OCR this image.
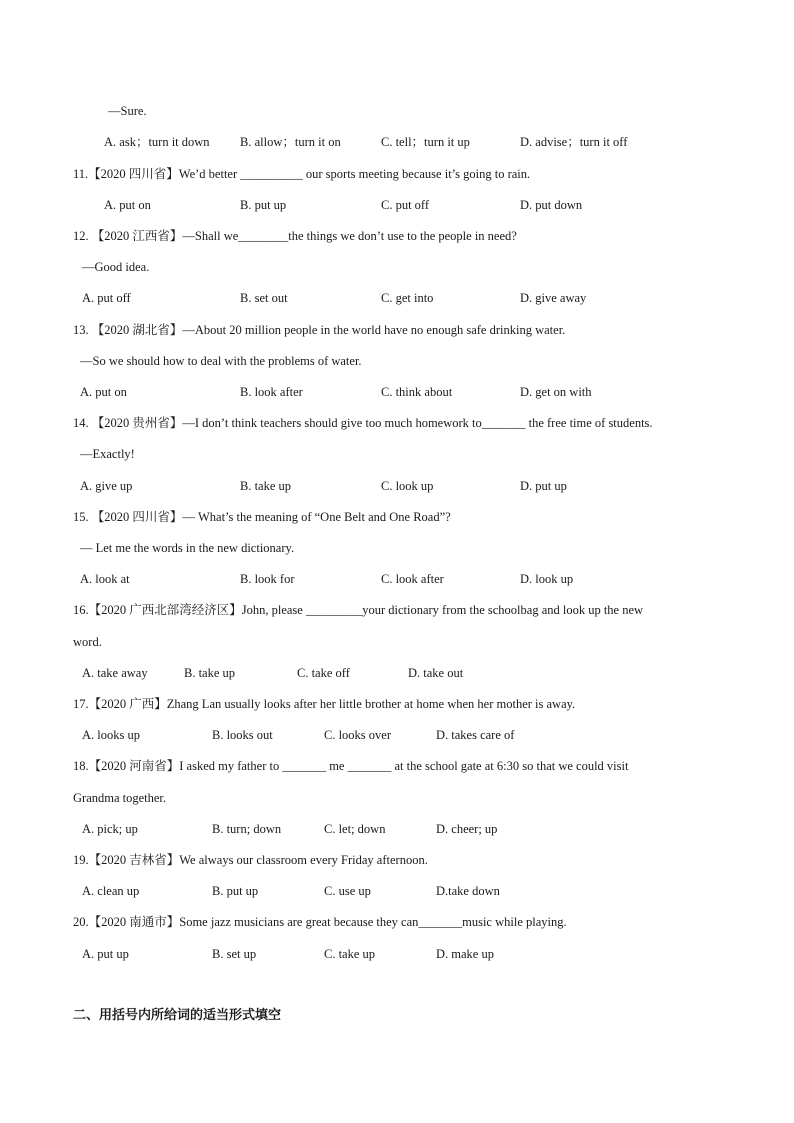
—Sure.
A. ask；turn it down B. allow；turn it on	C. tell；turn it up	D. advise；turn it off
11.【2020 四川省】We’d better __________ our sports meeting because it’s going to rain.
A. put on	B. put up	C. put off	D. put down
12. 【2020 江西省】—Shall we________the things we don’t use to the people in need?
—Good idea.
A. put off	B. set out	C. get into	D. give away
13. 【2020 湖北省】—About 20 million people in the world have no enough safe drinking water.
—So we should how to deal with the problems of water.
A. put on	B. look after	C. think about	D. get on with
14. 【2020 贵州省】—I don’t think teachers should give too much homework to_______ the free time of students.
—Exactly!
A. give up	B. take up	C. look up	D. put up
15. 【2020 四川省】— What’s the meaning of “One Belt and One Road”?
— Let me the words in the new dictionary.
A. look at	B. look for	C. look after	D. look up
16.【2020 广西北部湾经济区】John, please _________your dictionary from the schoolbag and look up the new
word.
A. take away	B. take up	C. take off	D. take out
17.【2020 广西】Zhang Lan usually looks after her little brother at home when her mother is away.
A. looks up	B. looks out	C. looks over	D. takes care of
18.【2020 河南省】I asked my father to _______ me _______ at the school gate at 6:30 so that we could visit
Grandma together.
A. pick; up	B. turn; down	C. let; down	D. cheer; up
19.【2020 吉林省】We always our classroom every Friday afternoon.
A. clean up	B. put up	C. use up	D.take down
20.【2020 南通市】Some jazz musicians are great because they can_______music while playing.
A. put up	B. set up	C. take up	D. make up
二、用括号内所给词的适当形式填空
